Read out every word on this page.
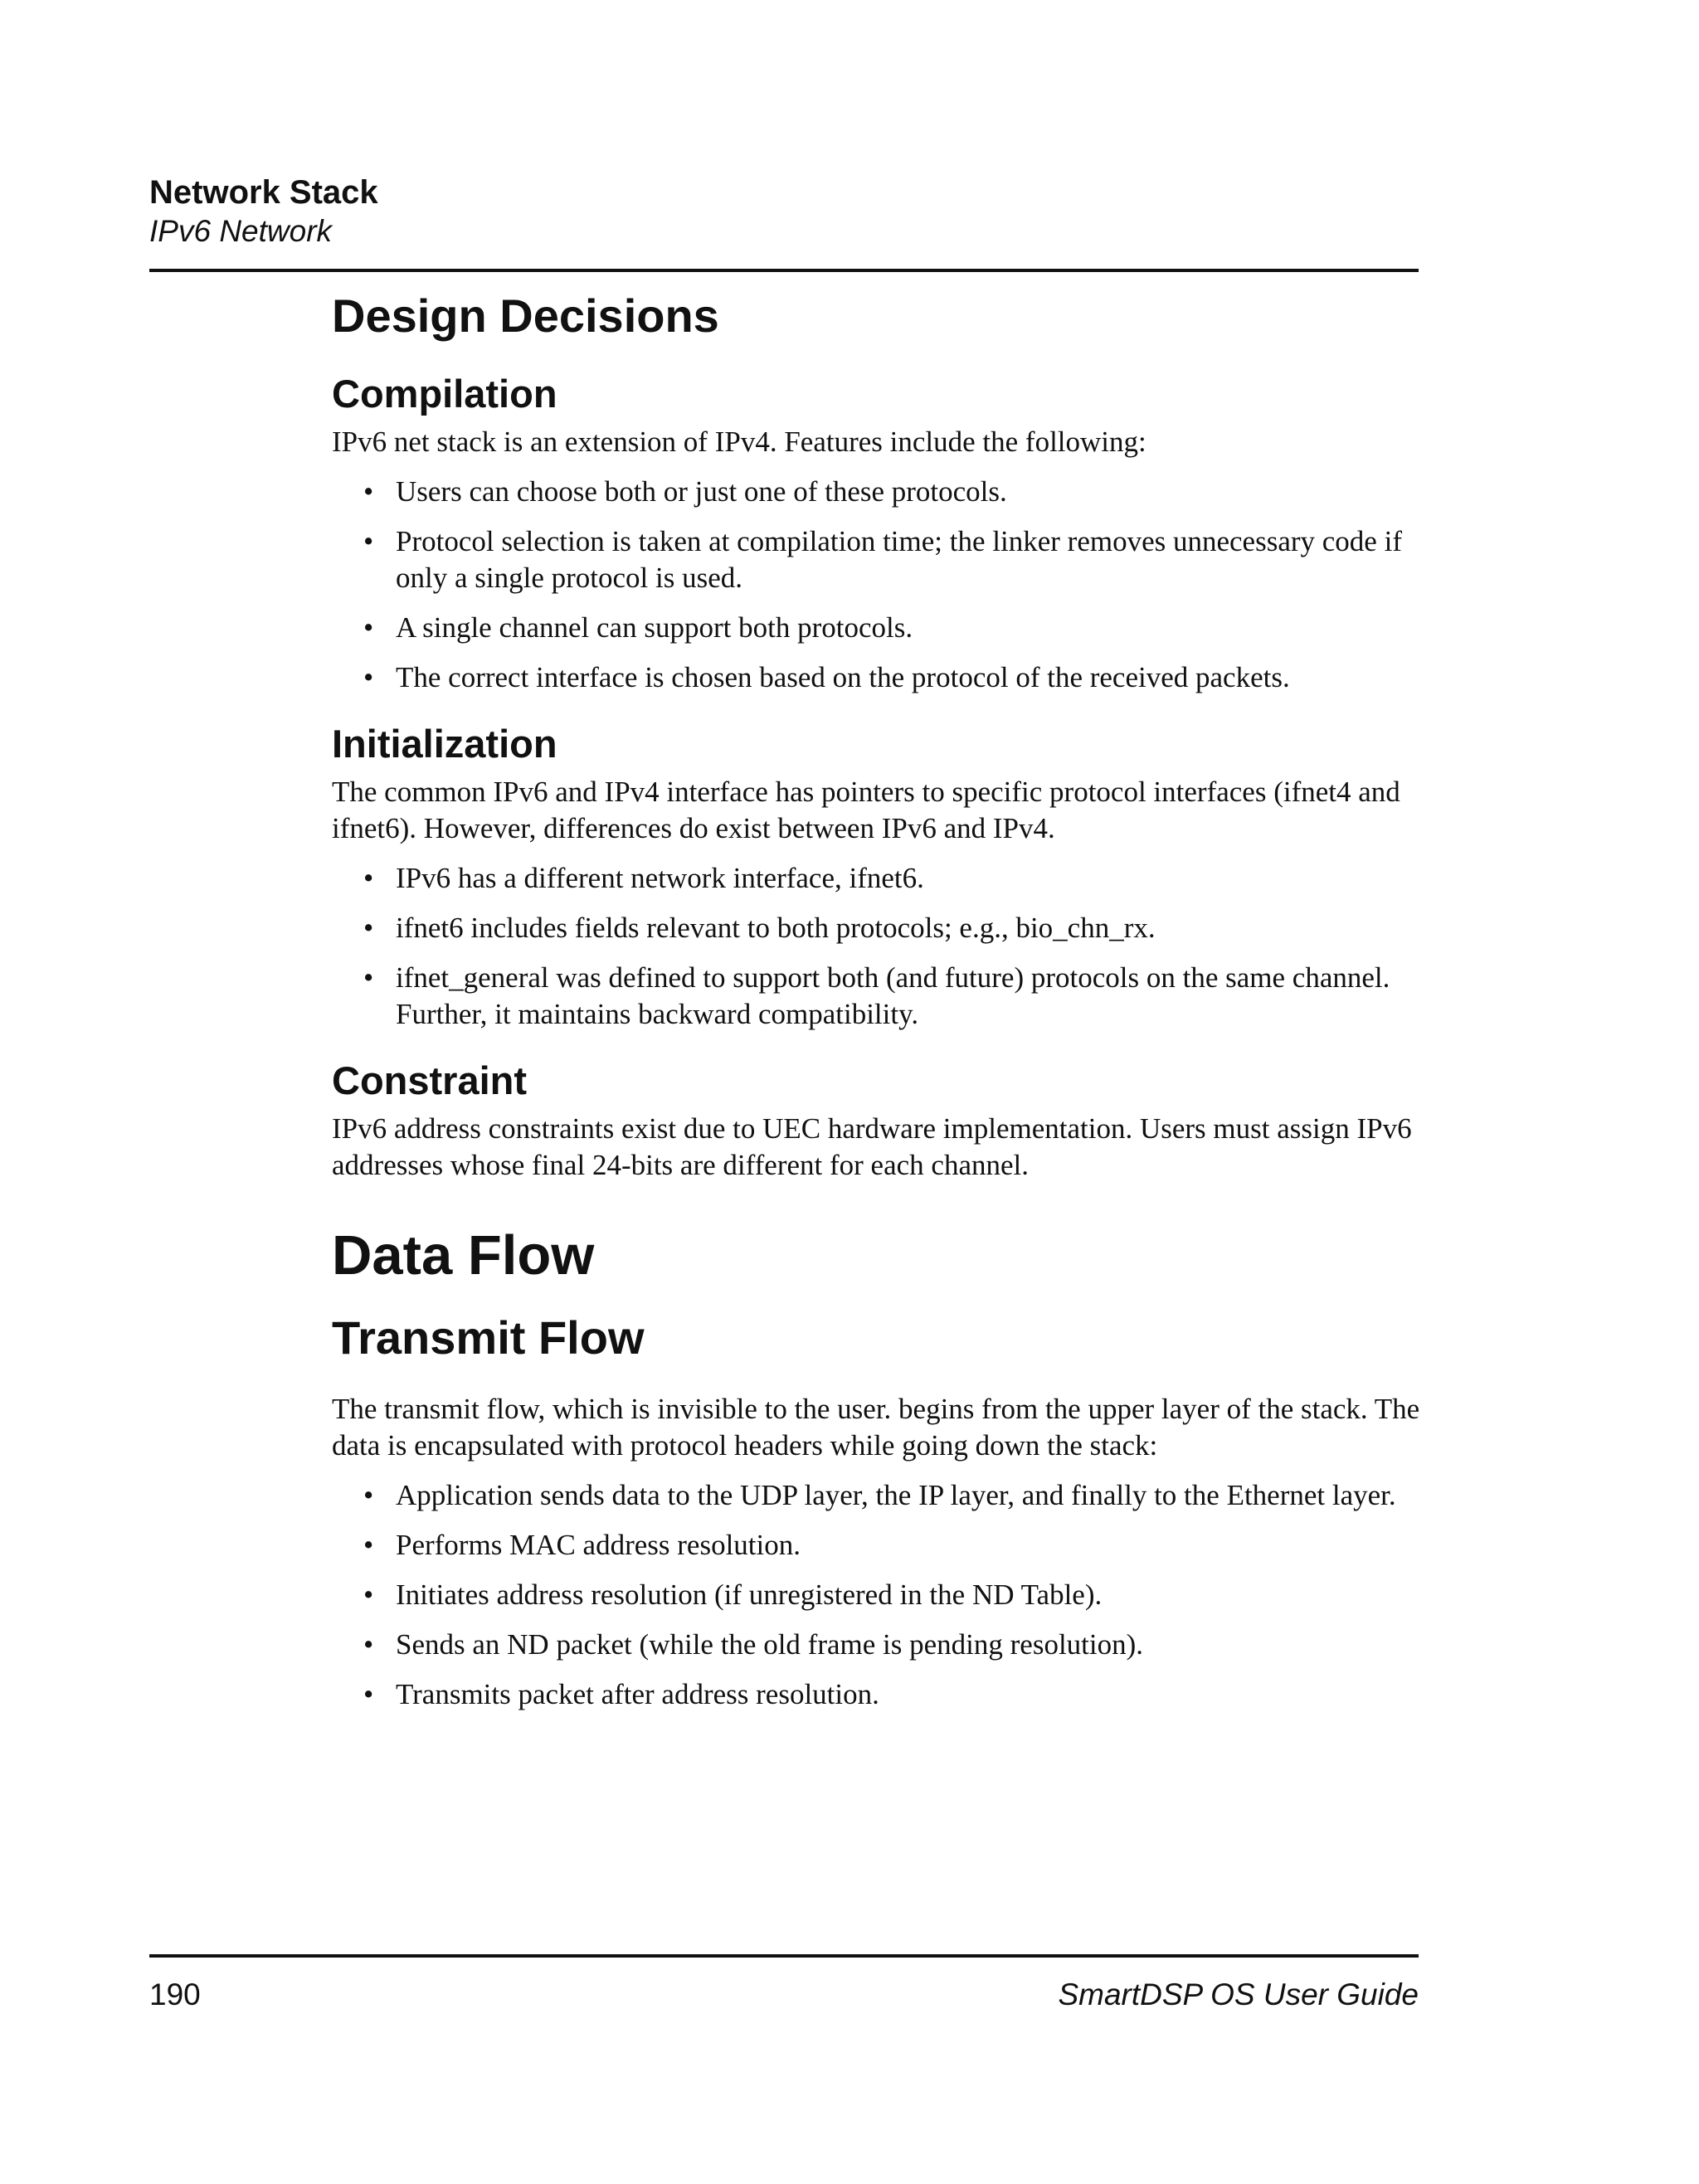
Network Stack
IPv6 Network
Design Decisions
Compilation

IPv6 net stack is an extension of IPv4. Features include the following:

• Users can choose both or just one of these protocols.
• Protocol selection is taken at compilation time; the linker removes unnecessary code if only a single protocol is used.
• A single channel can support both protocols.
• The correct interface is chosen based on the protocol of the received packets.
Initialization

The common IPv6 and IPv4 interface has pointers to specific protocol interfaces (ifnet4 and ifnet6). However, differences do exist between IPv6 and IPv4.

• IPv6 has a different network interface, ifnet6.
• ifnet6 includes fields relevant to both protocols; e.g., bio_chn_rx.
• ifnet_general was defined to support both (and future) protocols on the same channel. Further, it maintains backward compatibility.
Constraint

IPv6 address constraints exist due to UEC hardware implementation. Users must assign IPv6 addresses whose final 24-bits are different for each channel.

Data Flow
Transmit Flow

The transmit flow, which is invisible to the user. begins from the upper layer of the stack. The data is encapsulated with protocol headers while going down the stack:

• Application sends data to the UDP layer, the IP layer, and finally to the Ethernet layer.
• Performs MAC address resolution.
• Initiates address resolution (if unregistered in the ND Table).
• Sends an ND packet (while the old frame is pending resolution).
• Transmits packet after address resolution.
190	SmartDSP OS User Guide
